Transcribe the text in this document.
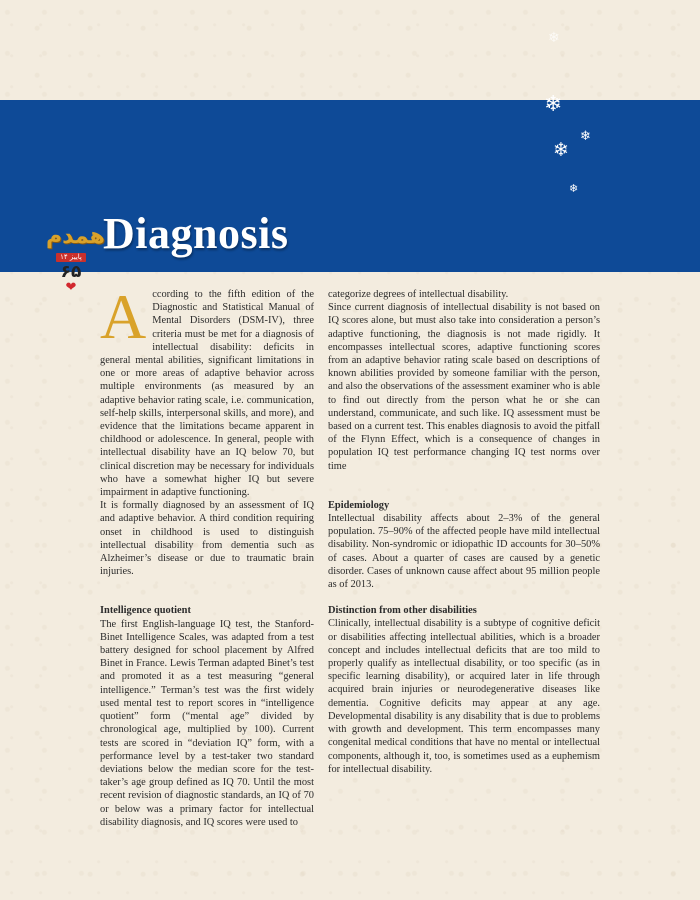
❄
❄
❄
❄
❄
Diagnosis
همدم
پاییز ۱۴
۶۵
❤ According to the fifth edition of the Diagnostic and Statistical Manual of Mental Disorders (DSM-IV), three criteria must be met for a diagnosis of intellectual disability: deficits in general mental abilities, significant limitations in one or more areas of adaptive behavior across multiple environments (as measured by an adaptive behavior rating scale, i.e. communication, self-help skills, interpersonal skills, and more), and evidence that the limitations became apparent in childhood or adolescence. In general, people with intellectual disability have an IQ below 70, but clinical discretion may be necessary for individuals who have a somewhat higher IQ but severe impairment in adaptive functioning.

It is formally diagnosed by an assessment of IQ and adaptive behavior. A third condition requiring onset in childhood is used to distinguish intellectual disability from dementia such as Alzheimer’s disease or due to traumatic brain injuries.

Intelligence quotient

The first English-language IQ test, the Stanford-Binet Intelligence Scales, was adapted from a test battery designed for school placement by Alfred Binet in France. Lewis Terman adapted Binet’s test and promoted it as a test measuring “general intelligence.” Terman’s test was the first widely used mental test to report scores in “intelligence quotient” form (“mental age” divided by chronological age, multiplied by 100). Current tests are scored in “deviation IQ” form, with a performance level by a test-taker two standard deviations below the median score for the test-taker’s age group defined as IQ 70. Until the most recent revision of diagnostic standards, an IQ of 70 or below was a primary factor for intellectual disability diagnosis, and IQ scores were used to

categorize degrees of intellectual disability.

Since current diagnosis of intellectual disability is not based on IQ scores alone, but must also take into consideration a person’s adaptive functioning, the diagnosis is not made rigidly. It encompasses intellectual scores, adaptive functioning scores from an adaptive behavior rating scale based on descriptions of known abilities provided by someone familiar with the person, and also the observations of the assessment examiner who is able to find out directly from the person what he or she can understand, communicate, and such like. IQ assessment must be based on a current test. This enables diagnosis to avoid the pitfall of the Flynn Effect, which is a consequence of changes in population IQ test performance changing IQ test norms over time

Epidemiology

Intellectual disability affects about 2–3% of the general population. 75–90% of the affected people have mild intellectual disability. Non-syndromic or idiopathic ID accounts for 30–50% of cases. About a quarter of cases are caused by a genetic disorder. Cases of unknown cause affect about 95 million people as of 2013.

Distinction from other disabilities

Clinically, intellectual disability is a subtype of cognitive deficit or disabilities affecting intellectual abilities, which is a broader concept and includes intellectual deficits that are too mild to properly qualify as intellectual disability, or too specific (as in specific learning disability), or acquired later in life through acquired brain injuries or neurodegenerative diseases like dementia. Cognitive deficits may appear at any age. Developmental disability is any disability that is due to problems with growth and development. This term encompasses many congenital medical conditions that have no mental or intellectual components, although it, too, is sometimes used as a euphemism for intellectual disability.
